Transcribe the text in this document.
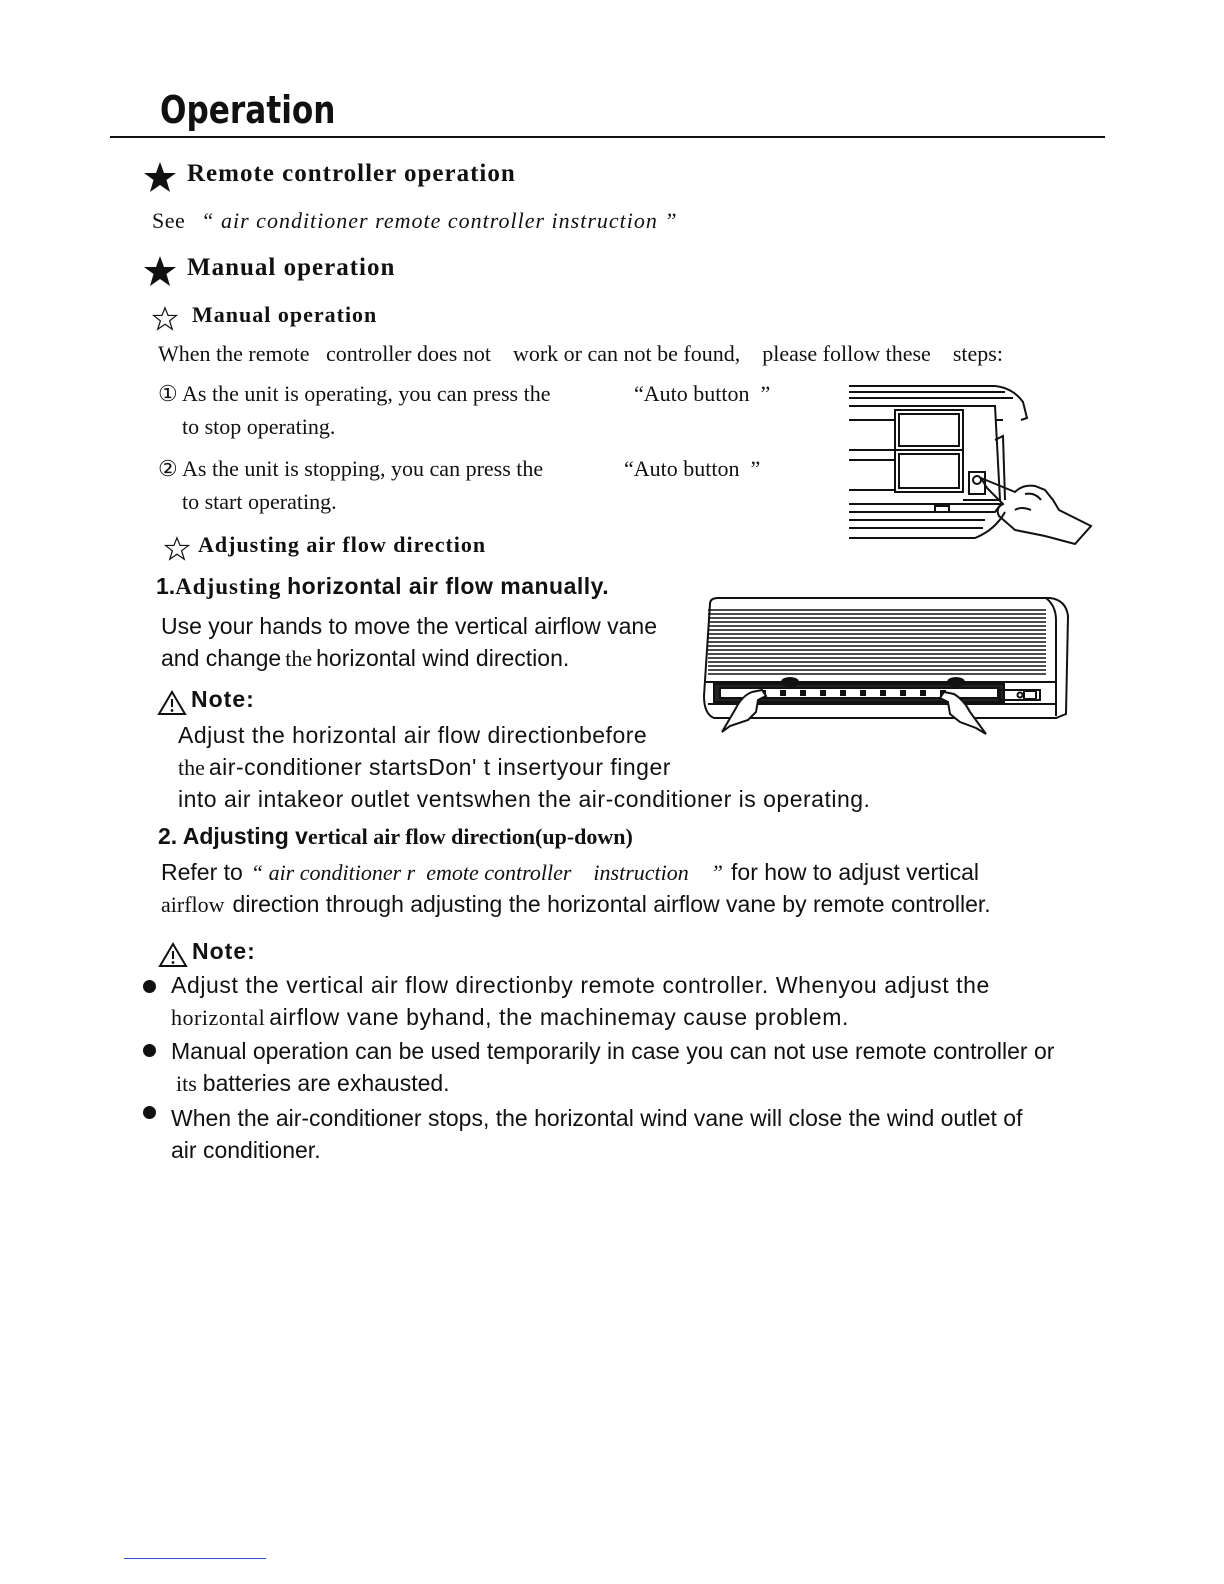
Operation
Remote controller operation
See “ air conditioner remote controller instruction ”
Manual operation
Manual operation
When the remote   controller does not    work or can not be found,    please follow these    steps:
① As the unit is operating, you can press the	“Auto button  ”
to stop operating.
② As the unit is stopping, you can press the	“Auto button  ”
to start operating.
Adjusting air flow direction
1.Adjusting horizontal air flow manually.
Use your hands to move the vertical airflow vane
and change the horizontal wind direction.
Note:
Adjust the horizontal air flow directionbefore
the air-conditioner startsDon' t insertyour finger
into air intakeor outlet ventswhen the air-conditioner is operating.
2. Adjusting vertical air flow direction(up-down)
Refer to “ air conditioner r  emote controller    instruction    ” for how to adjust vertical
airflow direction through adjusting the horizontal airflow vane by remote controller.
Note:
Adjust the vertical air flow directionby remote controller. Whenyou adjust the
horizontal airflow vane byhand, the machinemay cause problem.
Manual operation can be used temporarily in case you can not use remote controller or
its batteries are exhausted.
When the air-conditioner stops, the horizontal wind vane will close the wind outlet of
air conditioner.
